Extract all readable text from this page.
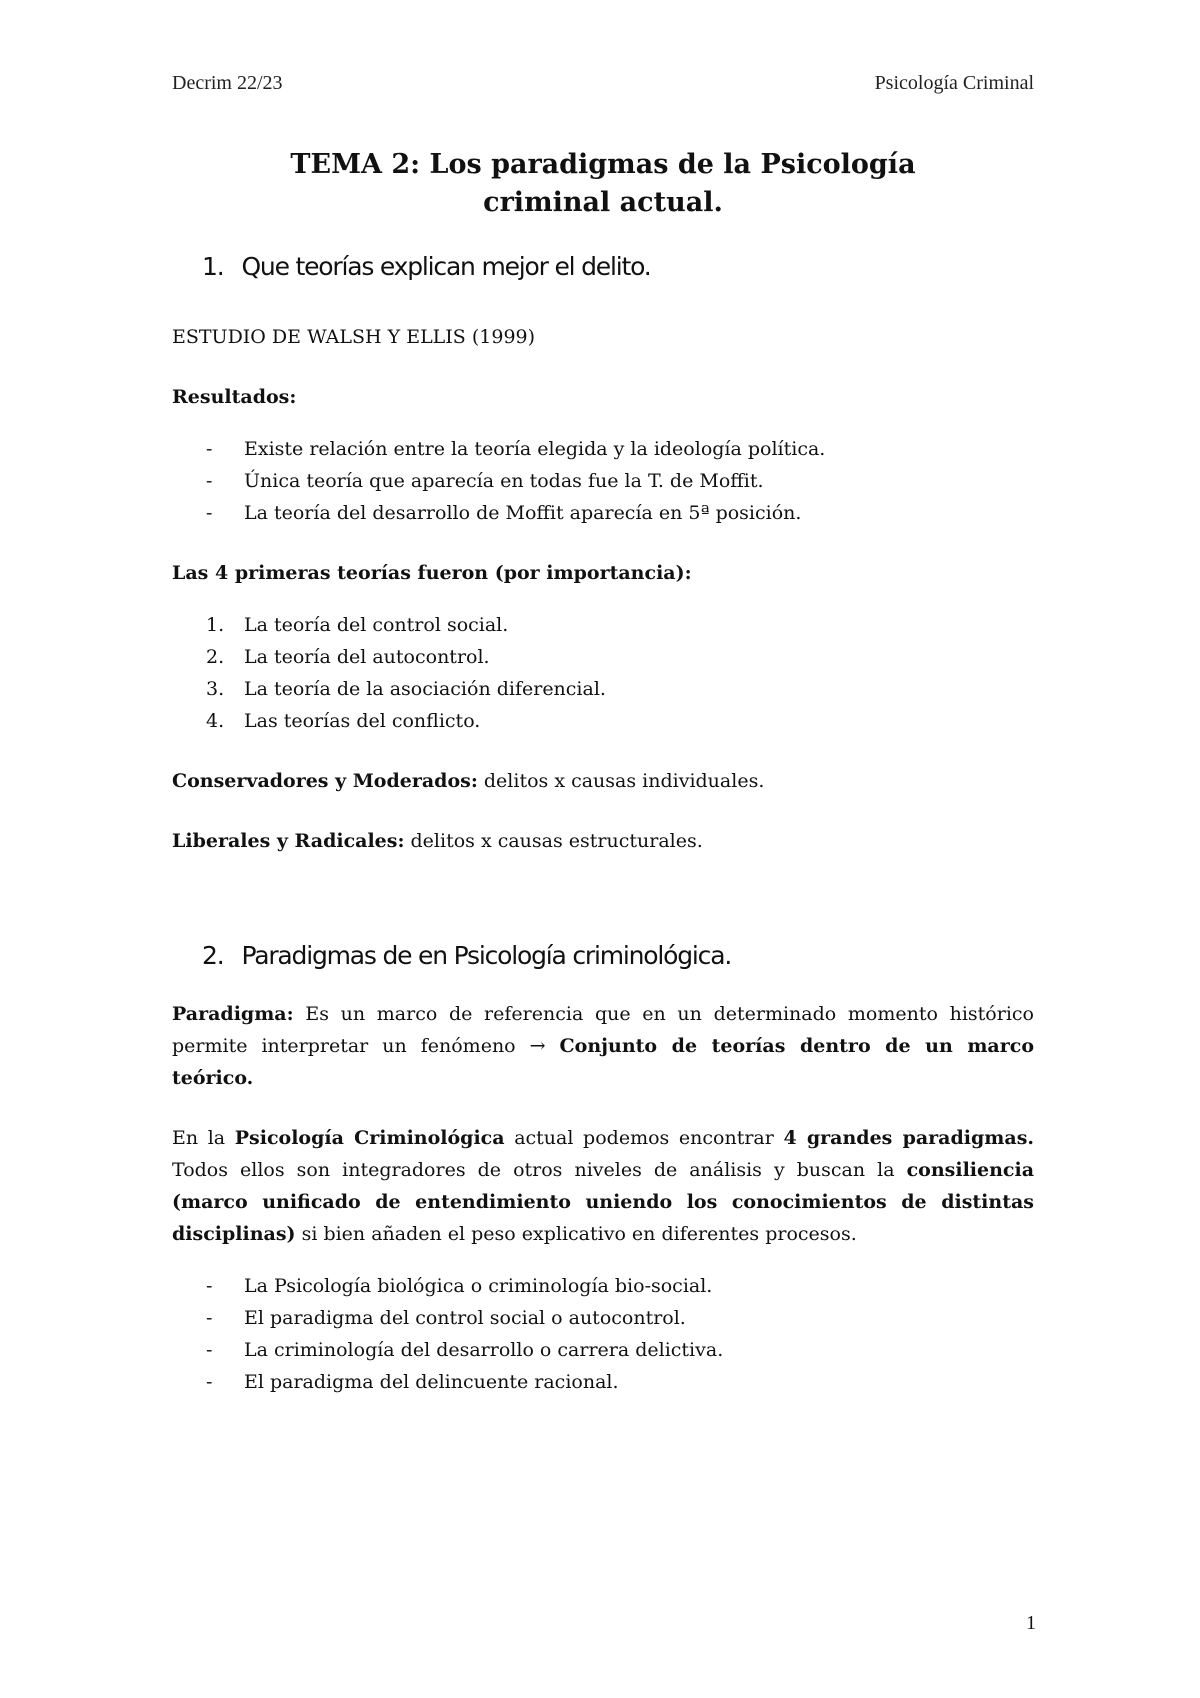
Decrim 22/23	Psicología Criminal
TEMA 2: Los paradigmas de la Psicología criminal actual.
1. Que teorías explican mejor el delito.

ESTUDIO DE WALSH Y ELLIS (1999)

Resultados:

-	Existe relación entre la teoría elegida y la ideología política.
-	Única teoría que aparecía en todas fue la T. de Moffit.
-	La teoría del desarrollo de Moffit aparecía en 5ª posición.

Las 4 primeras teorías fueron (por importancia):

1.	La teoría del control social.
2.	La teoría del autocontrol.
3.	La teoría de la asociación diferencial.
4.	Las teorías del conflicto.

Conservadores y Moderados: delitos x causas individuales.

Liberales y Radicales: delitos x causas estructurales.

2. Paradigmas de en Psicología criminológica.

Paradigma: Es un marco de referencia que en un determinado momento histórico permite interpretar un fenómeno → Conjunto de teorías dentro de un marco teórico.

En la Psicología Criminológica actual podemos encontrar 4 grandes paradigmas. Todos ellos son integradores de otros niveles de análisis y buscan la consiliencia (marco unificado de entendimiento uniendo los conocimientos de distintas disciplinas) si bien añaden el peso explicativo en diferentes procesos.

-	La Psicología biológica o criminología bio-social.
-	El paradigma del control social o autocontrol.
-	La criminología del desarrollo o carrera delictiva.
-	El paradigma del delincuente racional.
1
